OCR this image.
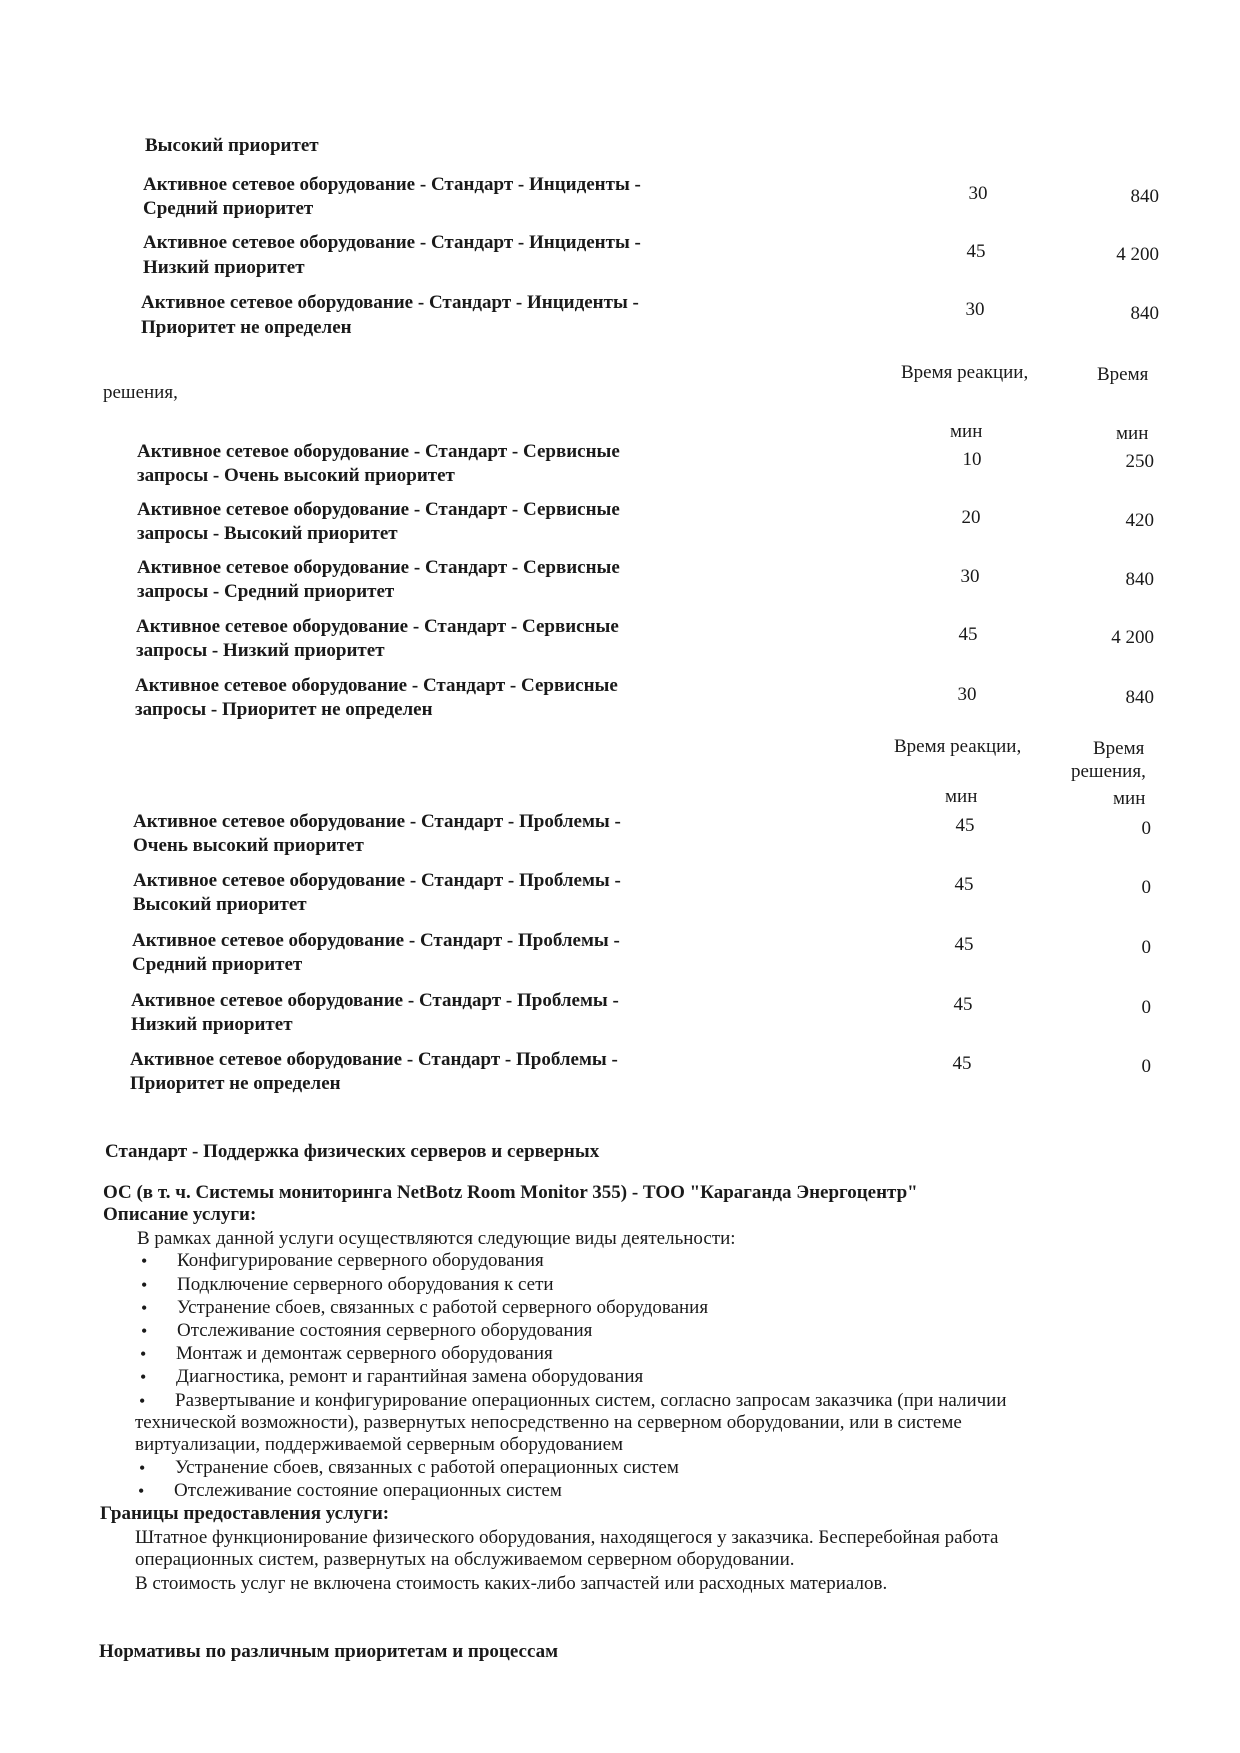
Высокий приоритет
Активное сетевое оборудование - Стандарт - Инциденты -
Средний приоритет
30	840
Активное сетевое оборудование - Стандарт - Инциденты -
Низкий приоритет
45	4 200
Активное сетевое оборудование - Стандарт - Инциденты -
Приоритет не определен
30	840
Время реакции,	Время
решения,
мин	мин
Активное сетевое оборудование - Стандарт - Сервисные
запросы - Очень высокий приоритет
10	250
Активное сетевое оборудование - Стандарт - Сервисные
запросы - Высокий приоритет
20	420
Активное сетевое оборудование - Стандарт - Сервисные
запросы - Средний приоритет
30	840
Активное сетевое оборудование - Стандарт - Сервисные
запросы - Низкий приоритет
45	4 200
Активное сетевое оборудование - Стандарт - Сервисные
запросы - Приоритет не определен
30	840
Время реакции,	Время
решения,
мин	мин
Активное сетевое оборудование - Стандарт - Проблемы -
Очень высокий приоритет
45	0
Активное сетевое оборудование - Стандарт - Проблемы -
Высокий приоритет
45	0
Активное сетевое оборудование - Стандарт - Проблемы -
Средний приоритет
45	0
Активное сетевое оборудование - Стандарт - Проблемы -
Низкий приоритет
45	0
Активное сетевое оборудование - Стандарт - Проблемы -
Приоритет не определен
45	0
Стандарт - Поддержка физических серверов и серверных
ОС (в т. ч. Системы мониторинга NetBotz Room Monitor 355) - ТОО "Караганда Энергоцентр"
Описание услуги:
В рамках данной услуги осуществляются следующие виды деятельности:
• Конфигурирование серверного оборудования
• Подключение серверного оборудования к сети
• Устранение сбоев, связанных с работой серверного оборудования
• Отслеживание состояния серверного оборудования
• Монтаж и демонтаж серверного оборудования
• Диагностика, ремонт и гарантийная замена оборудования
• Развертывание и конфигурирование операционных систем, согласно запросам заказчика (при наличии
технической возможности), развернутых непосредственно на серверном оборудовании, или в системе
виртуализации, поддерживаемой серверным оборудованием
• Устранение сбоев, связанных с работой операционных систем
• Отслеживание состояние операционных систем
Границы предоставления услуги:
Штатное функционирование физического оборудования, находящегося у заказчика. Бесперебойная работа
операционных систем, развернутых на обслуживаемом серверном оборудовании.
В стоимость услуг не включена стоимость каких-либо запчастей или расходных материалов.
Нормативы по различным приоритетам и процессам
